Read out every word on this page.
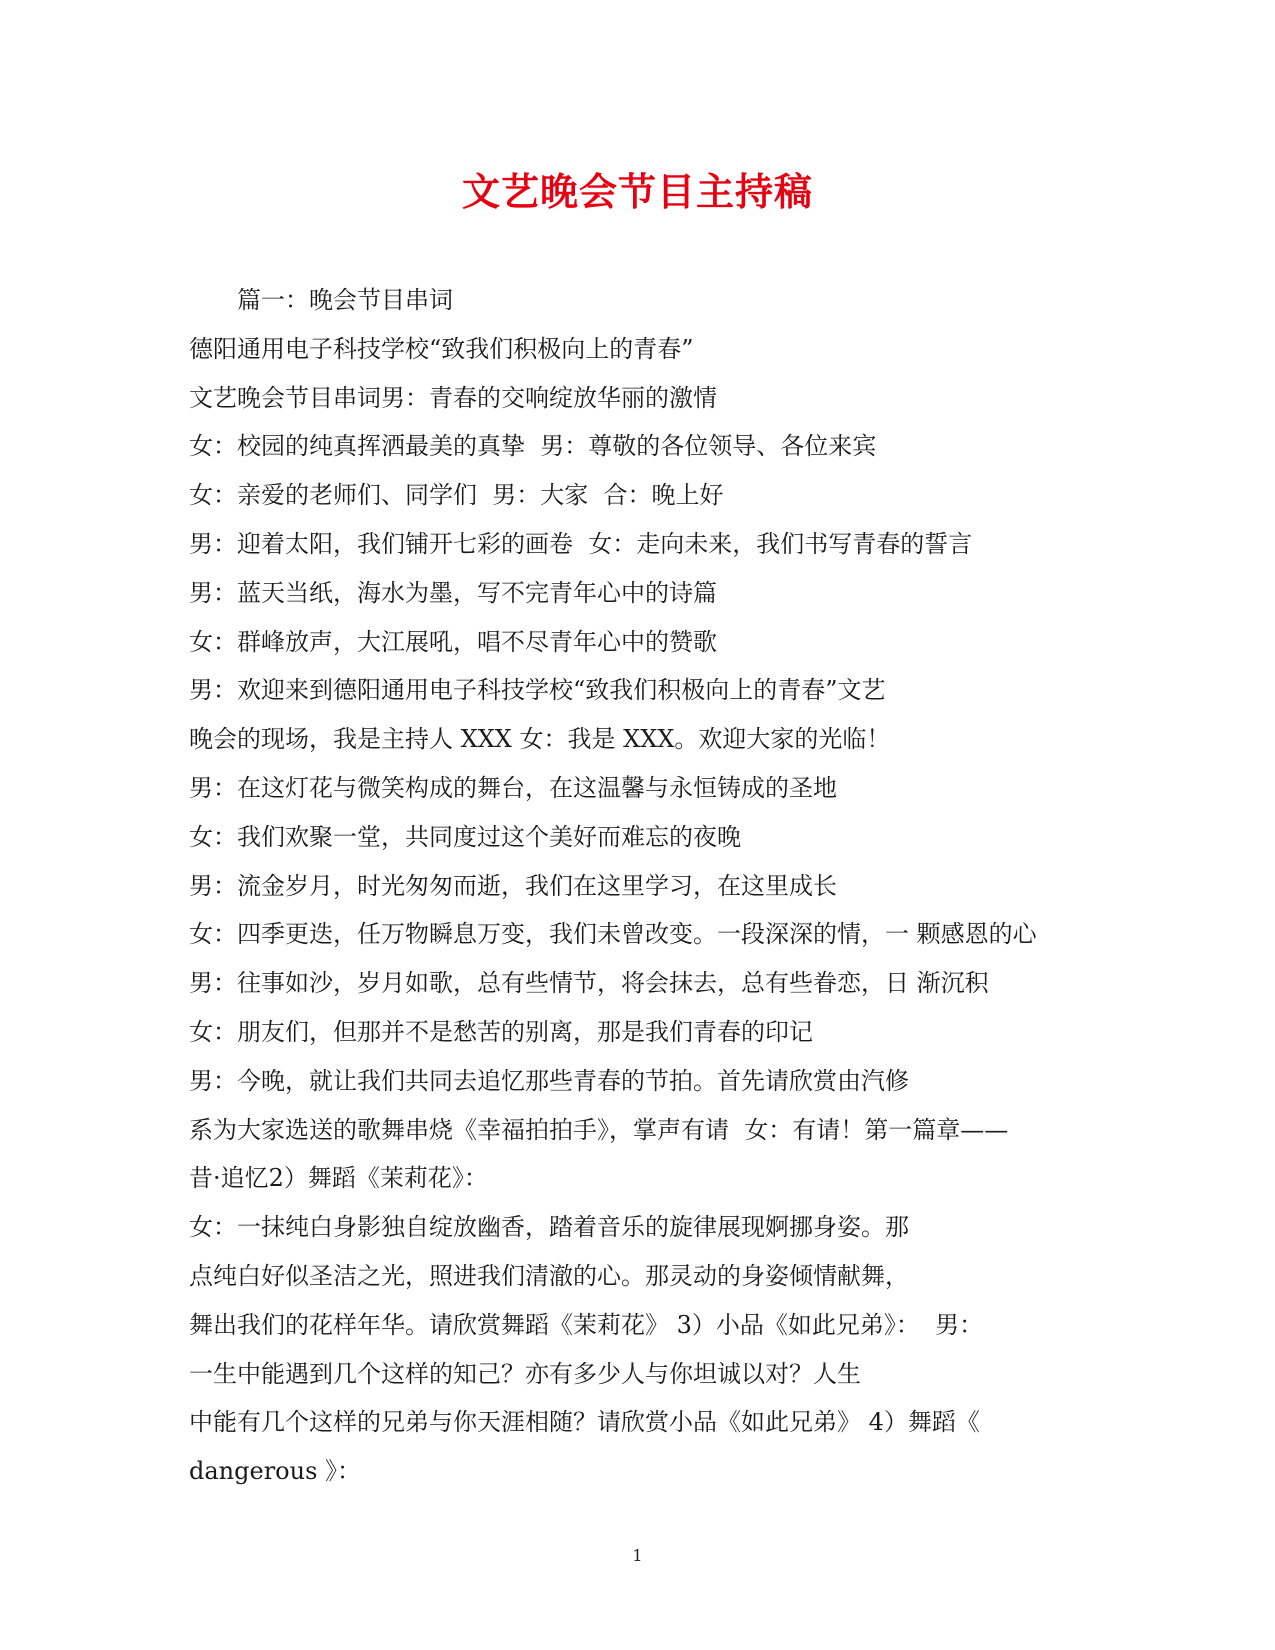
文艺晚会节目主持稿
篇一：晚会节目串词
德阳通用电子科技学校“致我们积极向上的青春”
文艺晚会节目串词男：青春的交响绽放华丽的激情
女：校园的纯真挥洒最美的真挚  男：尊敬的各位领导、各位来宾
女：亲爱的老师们、同学们  男：大家  合：晚上好
男：迎着太阳，我们铺开七彩的画卷  女：走向未来，我们书写青春的誓言
男：蓝天当纸，海水为墨，写不完青年心中的诗篇
女：群峰放声，大江展吼，唱不尽青年心中的赞歌
男：欢迎来到德阳通用电子科技学校“致我们积极向上的青春”文艺
晚会的现场，我是主持人 XXX 女：我是 XXX。欢迎大家的光临！
男：在这灯花与微笑构成的舞台，在这温馨与永恒铸成的圣地
女：我们欢聚一堂，共同度过这个美好而难忘的夜晚
男：流金岁月，时光匆匆而逝，我们在这里学习，在这里成长
女：四季更迭，任万物瞬息万变，我们未曾改变。一段深深的情，一 颗感恩的心
男：往事如沙，岁月如歌，总有些情节，将会抹去，总有些眷恋，日 渐沉积
女：朋友们，但那并不是愁苦的别离，那是我们青春的印记
男：今晚，就让我们共同去追忆那些青春的节拍。首先请欣赏由汽修
系为大家选送的歌舞串烧《幸福拍拍手》，掌声有请  女：有请！第一篇章——
昔·追忆2）舞蹈《茉莉花》：
女：一抹纯白身影独自绽放幽香，踏着音乐的旋律展现婀挪身姿。那
点纯白好似圣洁之光，照进我们清澈的心。那灵动的身姿倾情献舞，
舞出我们的花样年华。请欣赏舞蹈《茉莉花》 3）小品《如此兄弟》：  男：
一生中能遇到几个这样的知己？亦有多少人与你坦诚以对？人生
中能有几个这样的兄弟与你天涯相随？请欣赏小品《如此兄弟》 4）舞蹈《
dangerous 》：
1
